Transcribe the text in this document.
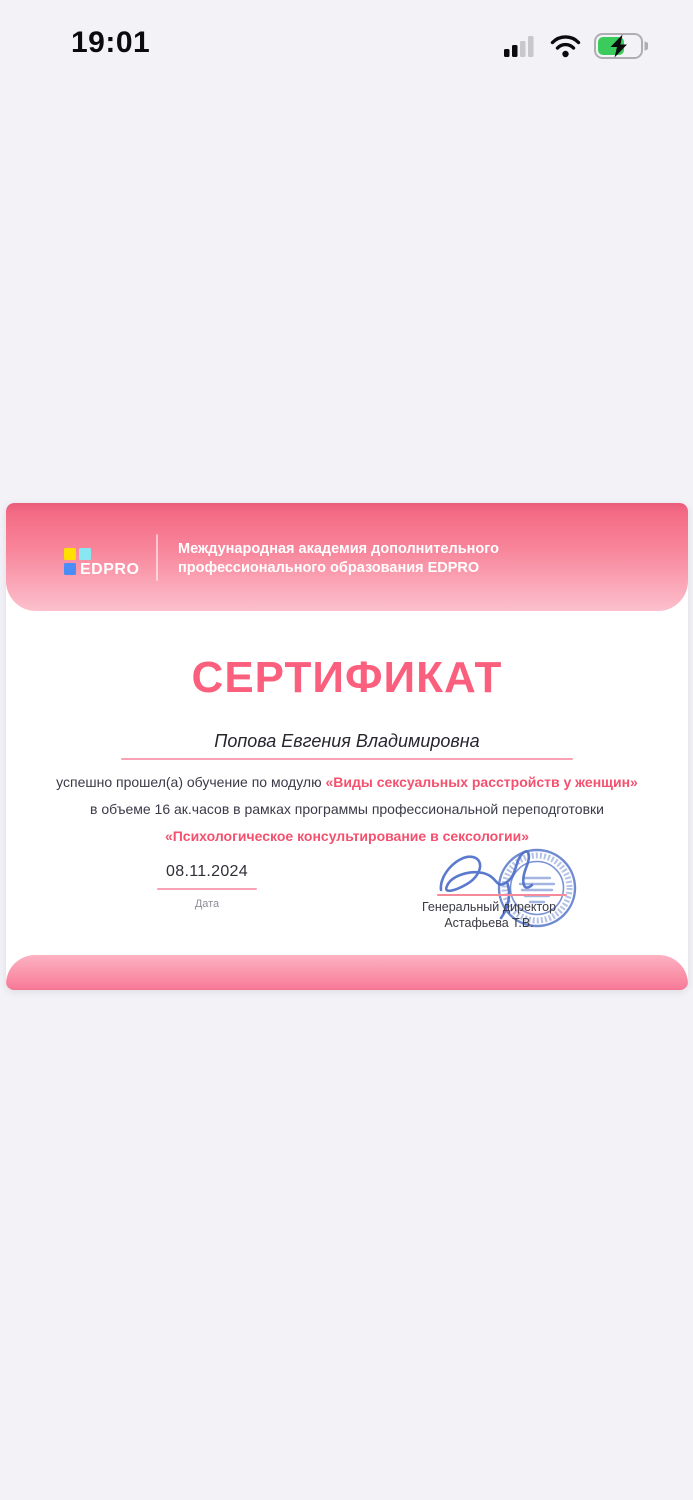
19:01
EDPRO
Международная академия дополнительного
профессионального образования EDPRO
СЕРТИФИКАТ
Попова Евгения Владимировна
успешно прошел(а) обучение по модулю «Виды сексуальных расстройств у женщин»
в объеме 16 ак.часов в рамках программы профессиональной переподготовки «Психологическое консультирование в сексологии»
08.11.2024
Дата	Генеральный директор
Астафьева Т.В.
